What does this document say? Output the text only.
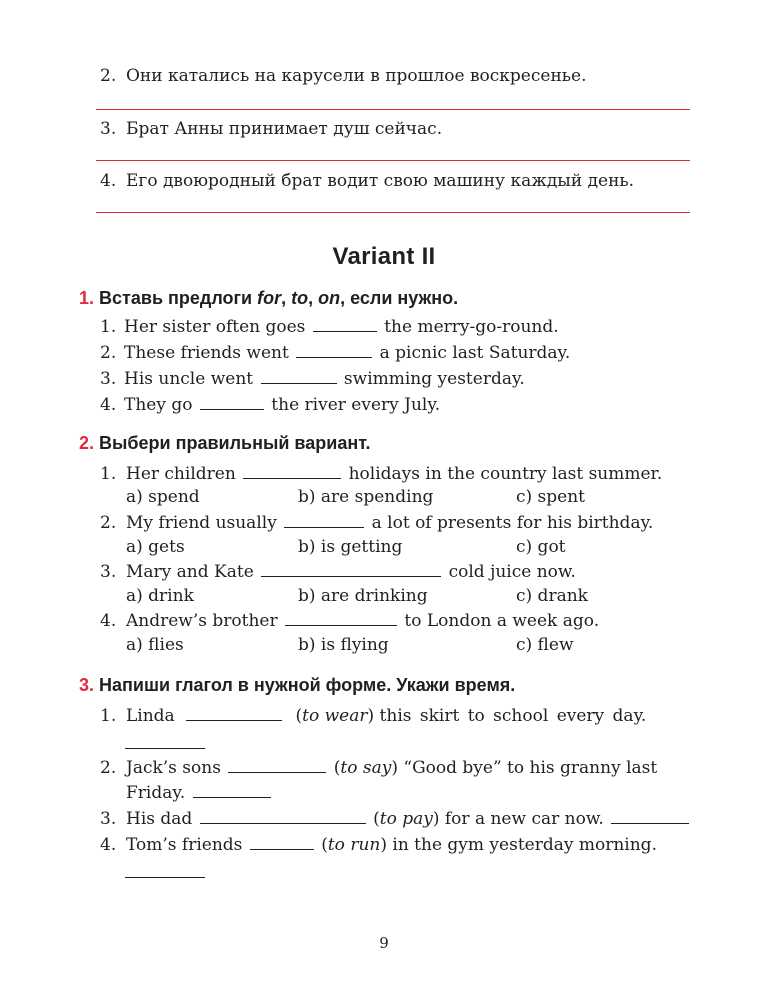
2. Они катались на карусели в прошлое воскресенье.
3. Брат Анны принимает душ сейчас.
4. Его двоюродный брат водит свою машину каждый день.
Variant II
1 . Вставь предлоги for, to, on, если нужно.
1. Her sister often goes	the merry-go-round.
2. These friends went	a picnic last Saturday.
3. His uncle went	swimming yesterday.
4. They go	the river every July.
2 . Выбери правильный вариант.
1. Her children	holidays in the country last summer.
a) spend	b) are spending	c) spent
2. My friend usually	a lot of presents for his birthday.
a) gets	b) is getting	c) got
3. Mary and Kate	cold juice now.
a) drink	b) are drinking	c) drank
4. Andrew’s brother	to London a week ago.
a) flies	b) is flying	c) flew
3 . Напиши глагол в нужной форме. Укажи время.
1. Linda	(to wear) this skirt to school every day.
2. Jack’s sons	(to say) “Good bye” to his granny last
Friday.
3. His dad	(to pay) for a new car now.
4. Tom’s friends	(to run) in the gym yesterday morning.
9
